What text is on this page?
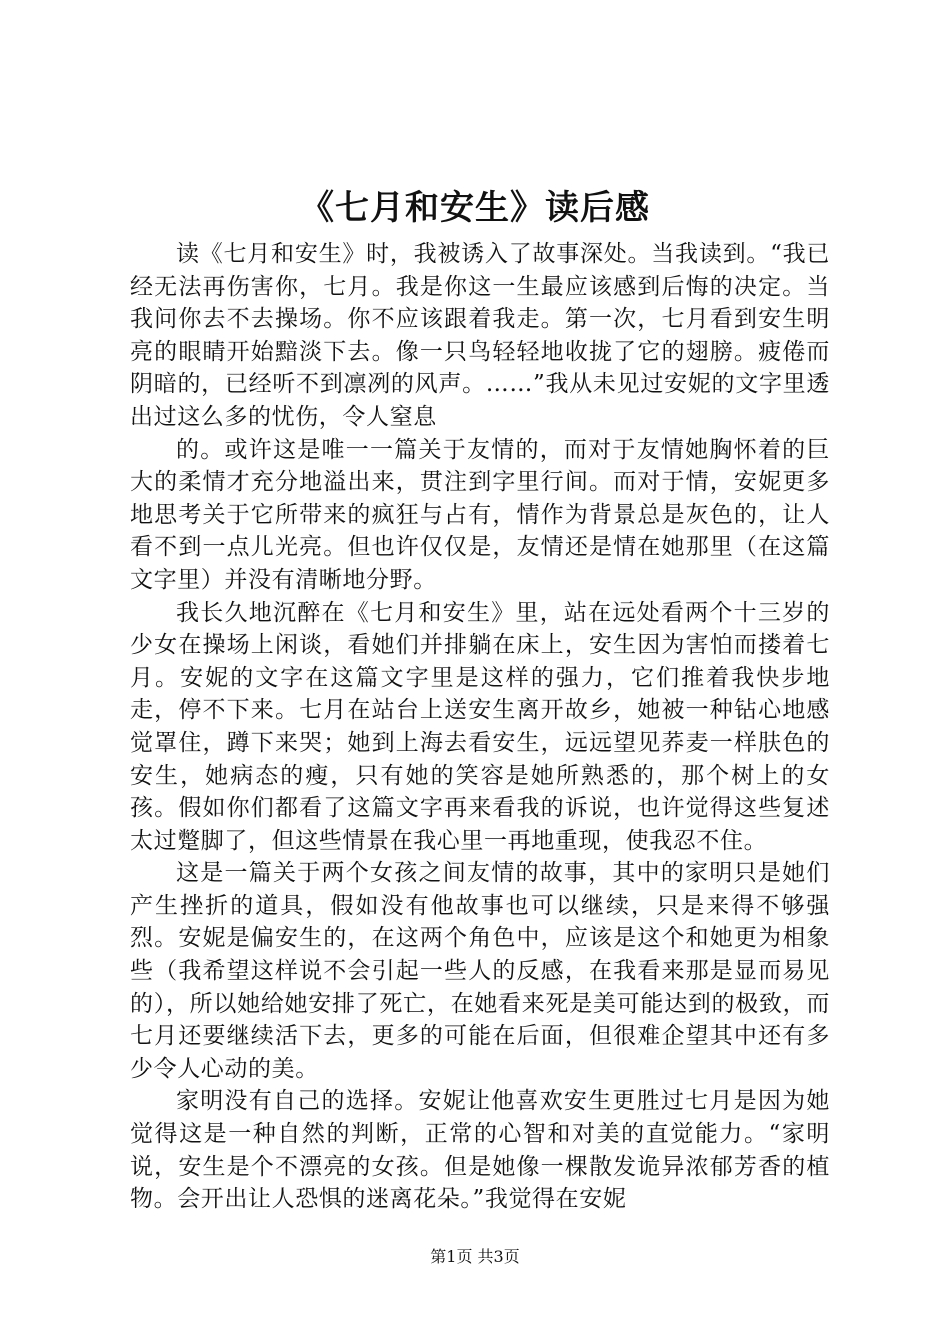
《七月和安生》读后感

读《七月和安生》时，我被诱入了故事深处。当我读到。“我已经无法再伤害你，七月。我是你这一生最应该感到后悔的决定。当我问你去不去操场。你不应该跟着我走。第一次，七月看到安生明亮的眼睛开始黯淡下去。像一只鸟轻轻地收拢了它的翅膀。疲倦而阴暗的，已经听不到凛冽的风声。……”我从未见过安妮的文字里透出过这么多的忧伤，令人窒息

的。或许这是唯一一篇关于友情的，而对于友情她胸怀着的巨大的柔情才充分地溢出来，贯注到字里行间。而对于情，安妮更多地思考关于它所带来的疯狂与占有，情作为背景总是灰色的，让人看不到一点儿光亮。但也许仅仅是，友情还是情在她那里（在这篇文字里）并没有清晰地分野。

我长久地沉醉在《七月和安生》里，站在远处看两个十三岁的少女在操场上闲谈，看她们并排躺在床上，安生因为害怕而搂着七月。安妮的文字在这篇文字里是这样的强力，它们推着我快步地走，停不下来。七月在站台上送安生离开故乡，她被一种钻心地感觉罩住，蹲下来哭；她到上海去看安生，远远望见荞麦一样肤色的安生，她病态的瘦，只有她的笑容是她所熟悉的，那个树上的女孩。假如你们都看了这篇文字再来看我的诉说，也许觉得这些复述太过蹩脚了，但这些情景在我心里一再地重现，使我忍不住。

这是一篇关于两个女孩之间友情的故事，其中的家明只是她们产生挫折的道具，假如没有他故事也可以继续，只是来得不够强烈。安妮是偏安生的，在这两个角色中，应该是这个和她更为相象些（我希望这样说不会引起一些人的反感，在我看来那是显而易见的），所以她给她安排了死亡，在她看来死是美可能达到的极致，而七月还要继续活下去，更多的可能在后面，但很难企望其中还有多少令人心动的美。

家明没有自己的选择。安妮让他喜欢安生更胜过七月是因为她觉得这是一种自然的判断，正常的心智和对美的直觉能力。“家明说，安生是个不漂亮的女孩。但是她像一棵散发诡异浓郁芳香的植物。会开出让人恐惧的迷离花朵。”我觉得在安妮

第1页 共3页
